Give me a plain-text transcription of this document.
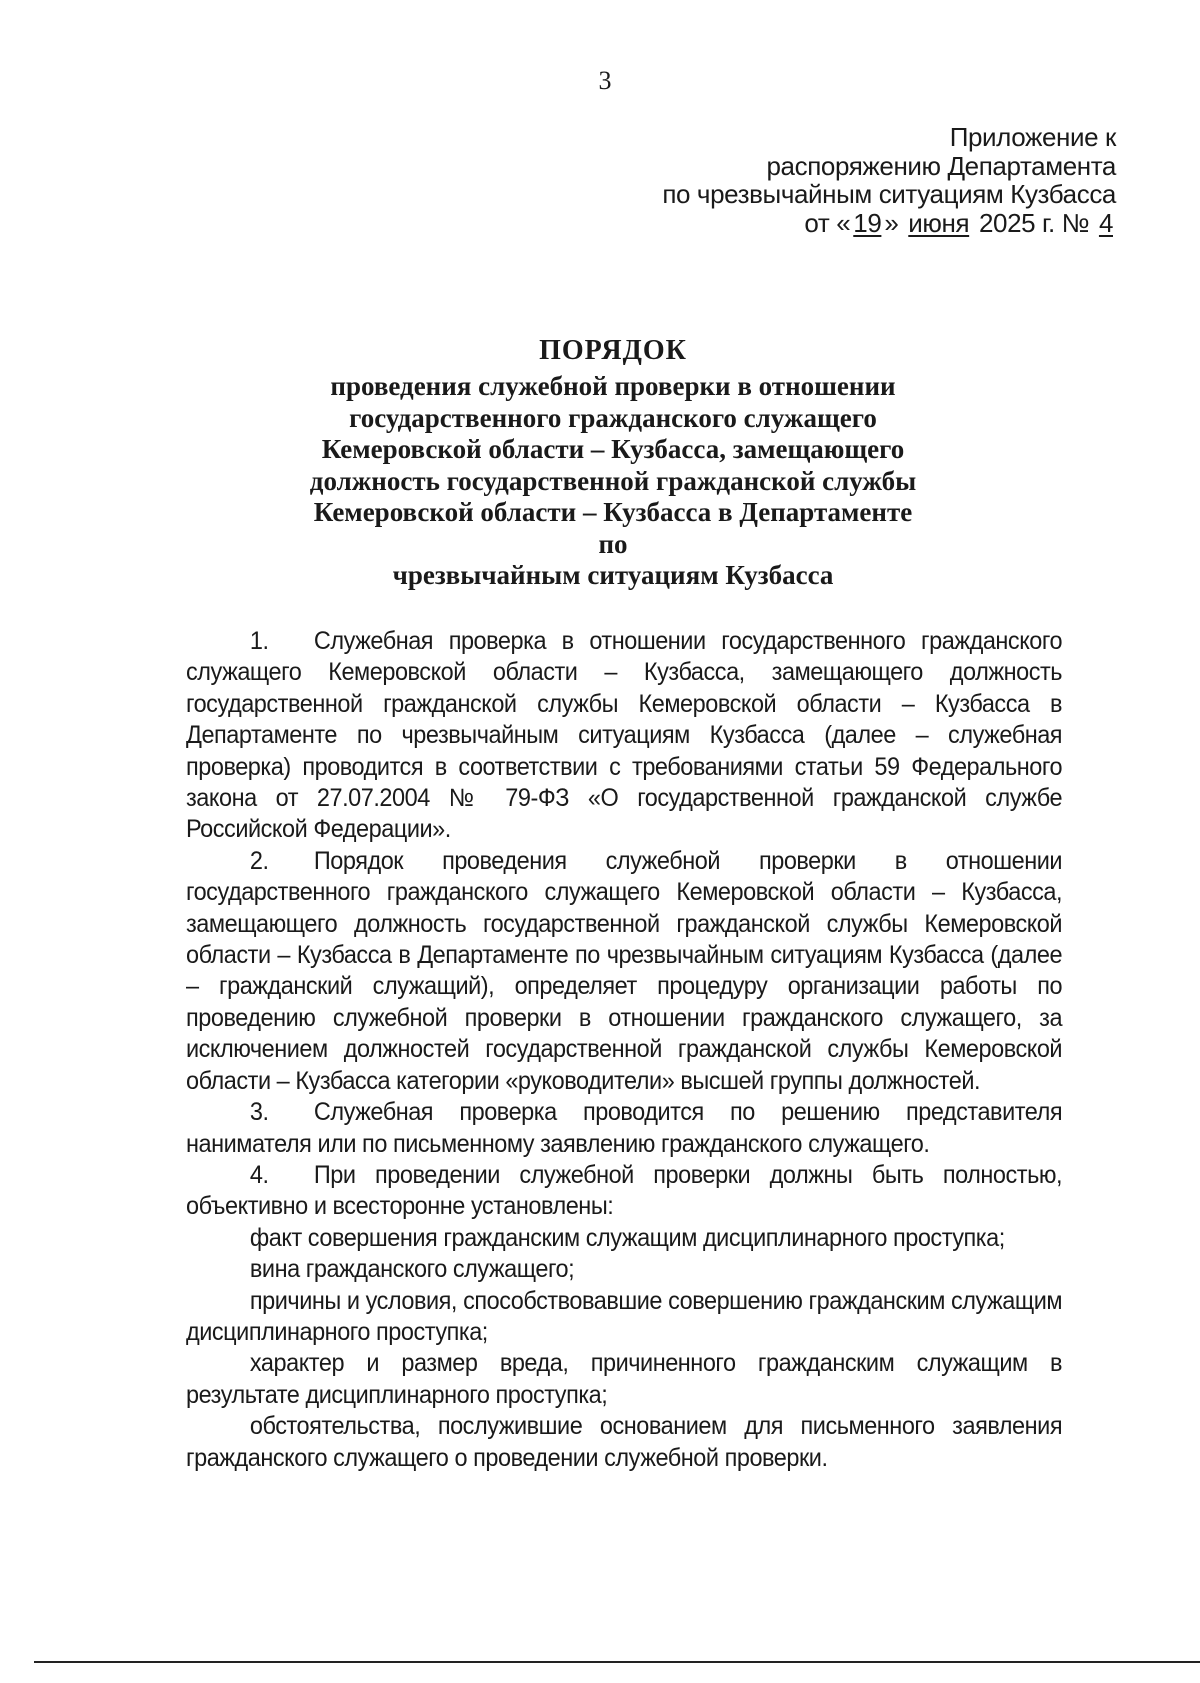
3
Приложение к
распоряжению Департамента
по чрезвычайным ситуациям Кузбасса
от « 19 » июня 2025 г. № 4
ПОРЯДОК
проведения служебной проверки в отношении
государственного гражданского служащего
Кемеровской области – Кузбасса, замещающего
должность государственной гражданской службы
Кемеровской области – Кузбасса в Департаменте по
чрезвычайным ситуациям Кузбасса

1. Служебная проверка в отношении государственного гражданского служащего Кемеровской области – Кузбасса, замещающего должность государственной гражданской службы Кемеровской области – Кузбасса в Департаменте по чрезвычайным ситуациям Кузбасса (далее – служебная проверка) проводится в соответствии с требованиями статьи 59 Федерального закона от 27.07.2004 № 79-ФЗ «О государственной гражданской службе Российской Федерации».

2. Порядок проведения служебной проверки в отношении государственного гражданского служащего Кемеровской области – Кузбасса, замещающего должность государственной гражданской службы Кемеровской области – Кузбасса в Департаменте по чрезвычайным ситуациям Кузбасса (далее – гражданский служащий), определяет процедуру организации работы по проведению служебной проверки в отношении гражданского служащего, за исключением должностей государственной гражданской службы Кемеровской области – Кузбасса категории «руководители» высшей группы должностей.

3. Служебная проверка проводится по решению представителя нанимателя или по письменному заявлению гражданского служащего.

4. При проведении служебной проверки должны быть полностью, объективно и всесторонне установлены:

факт совершения гражданским служащим дисциплинарного проступка;

вина гражданского служащего;

причины и условия, способствовавшие совершению гражданским служащим дисциплинарного проступка;

характер и размер вреда, причиненного гражданским служащим в результате дисциплинарного проступка;

обстоятельства, послужившие основанием для письменного заявления гражданского служащего о проведении служебной проверки.
